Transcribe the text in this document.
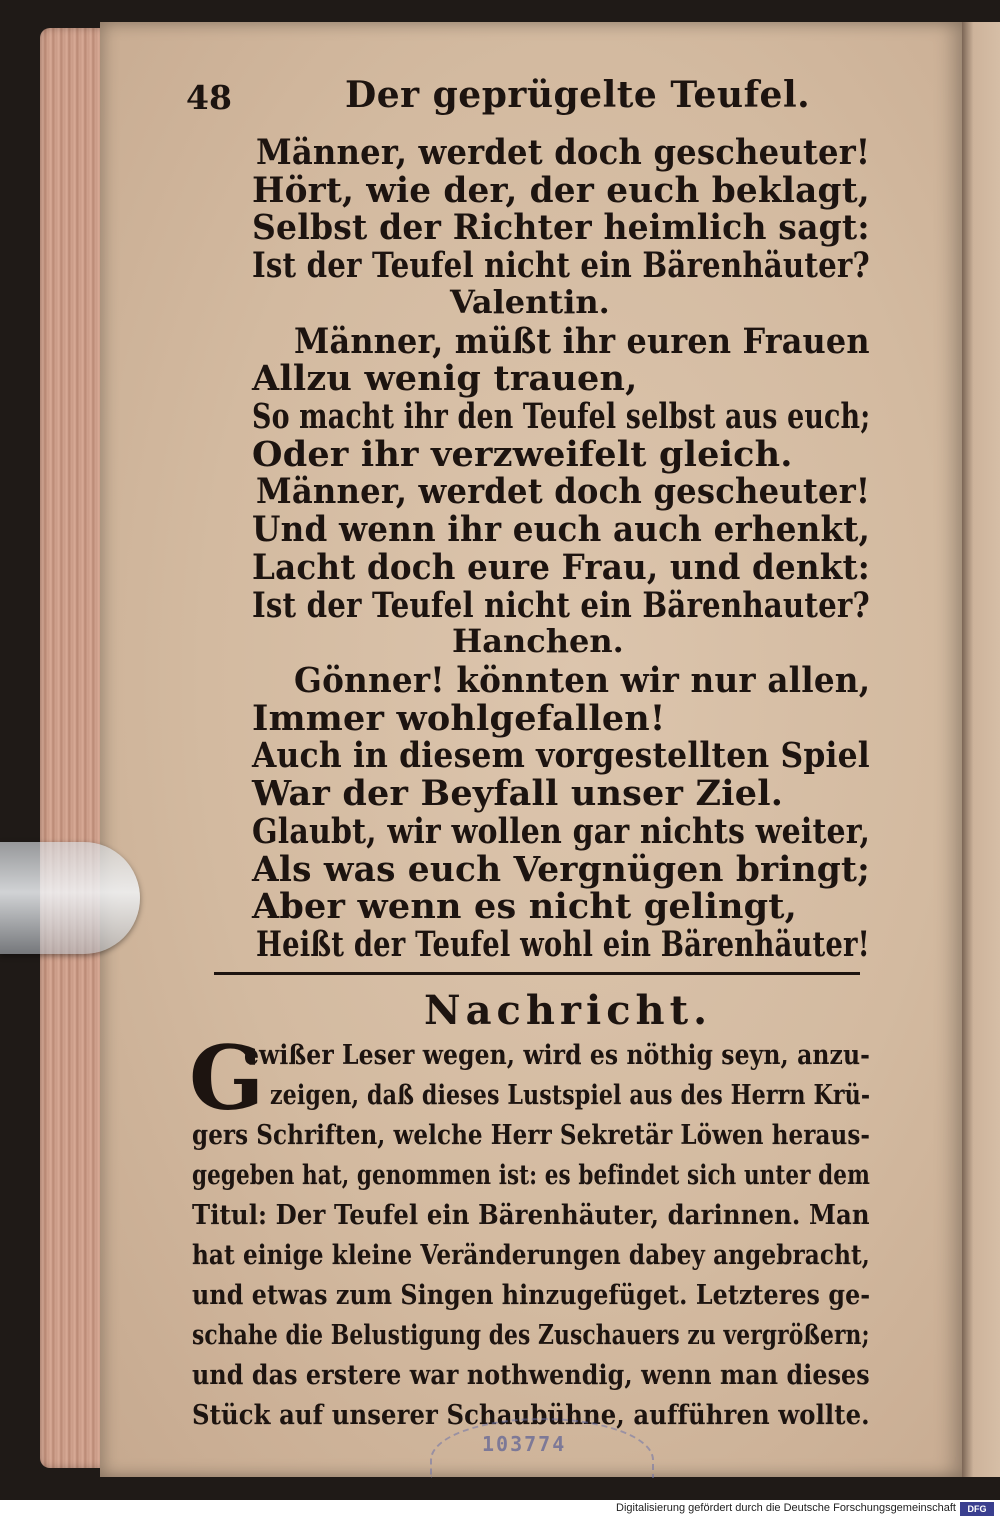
48	Der geprügelte Teufel.
Männer, werdet doch gescheuter!
Hört, wie der, der euch beklagt,
Selbst der Richter heimlich sagt:
Ist der Teufel nicht ein Bärenhäuter?
Valentin.
Männer, müßt ihr euren Frauen
Allzu wenig trauen,
So macht ihr den Teufel selbst aus euch;
Oder ihr verzweifelt gleich.
Männer, werdet doch gescheuter!
Und wenn ihr euch auch erhenkt,
Lacht doch eure Frau, und denkt:
Ist der Teufel nicht ein Bärenhauter?
Hanchen.
Gönner! könnten wir nur allen,
Immer wohlgefallen!
Auch in diesem vorgestellten Spiel
War der Beyfall unser Ziel.
Glaubt, wir wollen gar nichts weiter,
Als was euch Vergnügen bringt;
Aber wenn es nicht gelingt,
Nachricht.
G
ewißer Leser wegen, wird es nöthig seyn, anzu-
zeigen, daß dieses Lustspiel aus des Herrn Krü-
gers Schriften, welche Herr Sekretär Löwen heraus-
gegeben hat, genommen ist: es befindet sich unter dem
Titul: Der Teufel ein Bärenhäuter, darinnen. Man
hat einige kleine Veränderungen dabey angebracht,
und etwas zum Singen hinzugefüget. Letzteres ge-
schahe die Belustigung des Zuschauers zu vergrößern;
und das erstere war nothwendig, wenn man dieses
Stück auf unserer Schaubühne, aufführen wollte.
Heißt der Teufel wohl ein Bärenhäuter!
103774
Digitalisierung gefördert durch die Deutsche Forschungsgemeinschaft	DFG
